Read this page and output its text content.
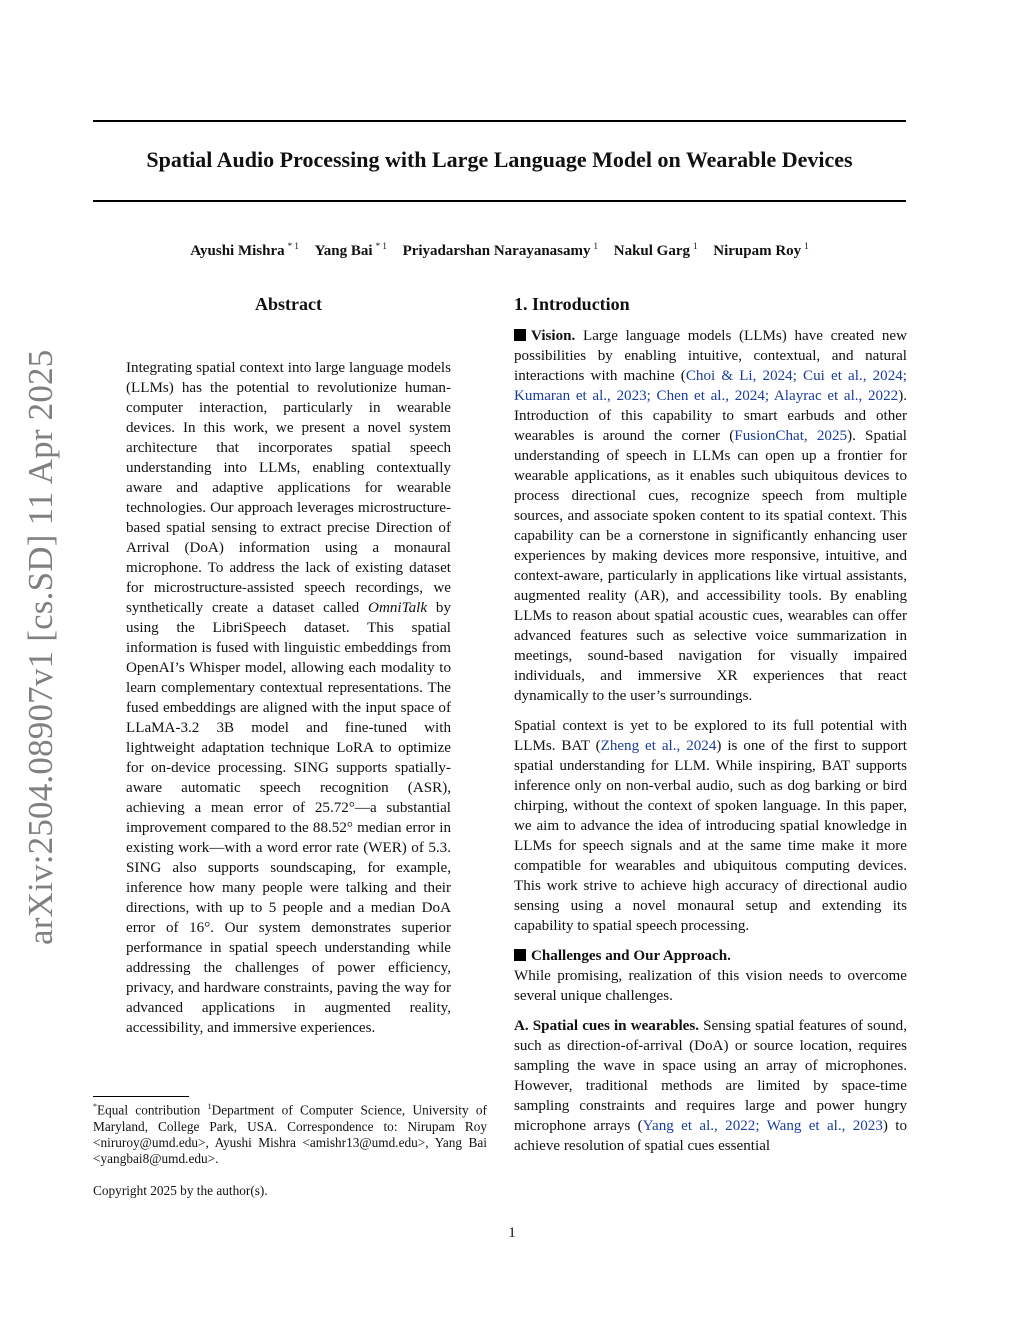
Spatial Audio Processing with Large Language Model on Wearable Devices
Ayushi Mishra $^{* 1}$ Yang Bai $^{* 1}$ Priyadarshan Narayanasamy $^1$ Nakul Garg $^1$ Nirupam Roy $^1$
arXiv:2504.08907v1 [cs.SD] 11 Apr 2025
Abstract
Integrating spatial context into large language models (LLMs) has the potential to revolutionize human-computer interaction, particularly in wearable devices. In this work, we present a novel system architecture that incorporates spatial speech understanding into LLMs, enabling contextually aware and adaptive applications for wearable technologies. Our approach leverages microstructure-based spatial sensing to extract precise Direction of Arrival (DoA) information using a monaural microphone. To address the lack of existing dataset for microstructure-assisted speech recordings, we synthetically create a dataset called OmniTalk by using the LibriSpeech dataset. This spatial information is fused with linguistic embeddings from OpenAI’s Whisper model, allowing each modality to learn complementary contextual representations. The fused embeddings are aligned with the input space of LLaMA-3.2 3B model and fine-tuned with lightweight adaptation technique LoRA to optimize for on-device processing. SING supports spatially-aware automatic speech recognition (ASR), achieving a mean error of 25.72°—a substantial improvement compared to the 88.52° median error in existing work—with a word error rate (WER) of 5.3. SING also supports soundscaping, for example, inference how many people were talking and their directions, with up to 5 people and a median DoA error of 16°. Our system demonstrates superior performance in spatial speech understanding while addressing the challenges of power efficiency, privacy, and hardware constraints, paving the way for advanced applications in augmented reality, accessibility, and immersive experiences.
*Equal contribution $^1$Department of Computer Science, University of Maryland, College Park, USA. Correspondence to: Nirupam Roy <niruroy@umd.edu>, Ayushi Mishra <amishr13@umd.edu>, Yang Bai <yangbai8@umd.edu>.
Copyright 2025 by the author(s).
1. Introduction

Vision. Large language models (LLMs) have created new possibilities by enabling intuitive, contextual, and natural interactions with machine (Choi & Li, 2024; Cui et al., 2024; Kumaran et al., 2023; Chen et al., 2024; Alayrac et al., 2022). Introduction of this capability to smart earbuds and other wearables is around the corner (FusionChat, 2025). Spatial understanding of speech in LLMs can open up a frontier for wearable applications, as it enables such ubiquitous devices to process directional cues, recognize speech from multiple sources, and associate spoken content to its spatial context. This capability can be a cornerstone in significantly enhancing user experiences by making devices more responsive, intuitive, and context-aware, particularly in applications like virtual assistants, augmented reality (AR), and accessibility tools. By enabling LLMs to reason about spatial acoustic cues, wearables can offer advanced features such as selective voice summarization in meetings, sound-based navigation for visually impaired individuals, and immersive XR experiences that react dynamically to the user’s surroundings.

Spatial context is yet to be explored to its full potential with LLMs. BAT (Zheng et al., 2024) is one of the first to support spatial understanding for LLM. While inspiring, BAT supports inference only on non-verbal audio, such as dog barking or bird chirping, without the context of spoken language. In this paper, we aim to advance the idea of introducing spatial knowledge in LLMs for speech signals and at the same time make it more compatible for wearables and ubiquitous computing devices. This work strive to achieve high accuracy of directional audio sensing using a novel monaural setup and extending its capability to spatial speech processing.

Challenges and Our Approach.

While promising, realization of this vision needs to overcome several unique challenges.

A. Spatial cues in wearables. Sensing spatial features of sound, such as direction-of-arrival (DoA) or source location, requires sampling the wave in space using an array of microphones. However, traditional methods are limited by space-time sampling constraints and requires large and power hungry microphone arrays (Yang et al., 2022; Wang et al., 2023) to achieve resolution of spatial cues essential

1
